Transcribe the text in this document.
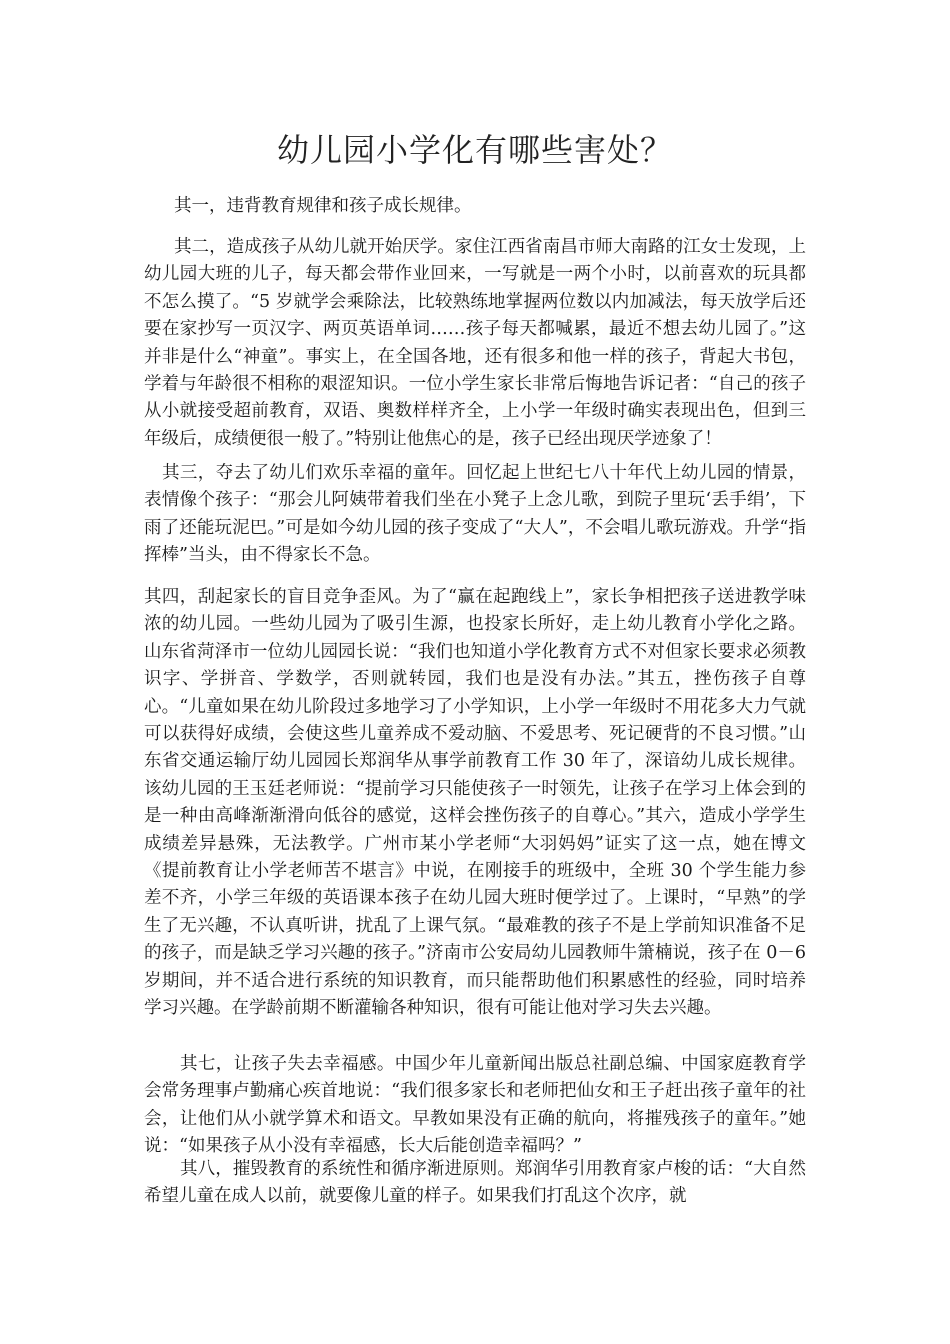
幼儿园小学化有哪些害处？

其一，违背教育规律和孩子成长规律。

其二，造成孩子从幼儿就开始厌学。家住江西省南昌市师大南路的江女士发现，上幼儿园大班的儿子，每天都会带作业回来，一写就是一两个小时，以前喜欢的玩具都不怎么摸了。“5 岁就学会乘除法，比较熟练地掌握两位数以内加减法，每天放学后还要在家抄写一页汉字、两页英语单词……孩子每天都喊累，最近不想去幼儿园了。”这并非是什么“神童”。事实上，在全国各地，还有很多和他一样的孩子，背起大书包，学着与年龄很不相称的艰涩知识。一位小学生家长非常后悔地告诉记者：“自己的孩子从小就接受超前教育，双语、奥数样样齐全，上小学一年级时确实表现出色，但到三年级后，成绩便很一般了。”特别让他焦心的是，孩子已经出现厌学迹象了！

其三，夺去了幼儿们欢乐幸福的童年。回忆起上世纪七八十年代上幼儿园的情景，表情像个孩子：“那会儿阿姨带着我们坐在小凳子上念儿歌，到院子里玩‘丢手绢’，下雨了还能玩泥巴。”可是如今幼儿园的孩子变成了“大人”，不会唱儿歌玩游戏。升学“指挥棒”当头，由不得家长不急。

其四，刮起家长的盲目竞争歪风。为了“赢在起跑线上”，家长争相把孩子送进教学味浓的幼儿园。一些幼儿园为了吸引生源，也投家长所好，走上幼儿教育小学化之路。山东省菏泽市一位幼儿园园长说：“我们也知道小学化教育方式不对但家长要求必须教识字、学拼音、学数学，否则就转园，我们也是没有办法。”其五，挫伤孩子自尊心。“儿童如果在幼儿阶段过多地学习了小学知识，上小学一年级时不用花多大力气就可以获得好成绩，会使这些儿童养成不爱动脑、不爱思考、死记硬背的不良习惯。”山东省交通运输厅幼儿园园长郑润华从事学前教育工作 30 年了，深谙幼儿成长规律。该幼儿园的王玉廷老师说：“提前学习只能使孩子一时领先，让孩子在学习上体会到的是一种由高峰渐渐滑向低谷的感觉，这样会挫伤孩子的自尊心。”其六，造成小学学生成绩差异悬殊，无法教学。广州市某小学老师“大羽妈妈”证实了这一点，她在博文《提前教育让小学老师苦不堪言》中说，在刚接手的班级中，全班 30 个学生能力参差不齐，小学三年级的英语课本孩子在幼儿园大班时便学过了。上课时，“早熟”的学生了无兴趣，不认真听讲，扰乱了上课气氛。“最难教的孩子不是上学前知识准备不足的孩子，而是缺乏学习兴趣的孩子。”济南市公安局幼儿园教师牛箫楠说，孩子在 0－6 岁期间，并不适合进行系统的知识教育，而只能帮助他们积累感性的经验，同时培养学习兴趣。在学龄前期不断灌输各种知识，很有可能让他对学习失去兴趣。

其七，让孩子失去幸福感。中国少年儿童新闻出版总社副总编、中国家庭教育学会常务理事卢勤痛心疾首地说：“我们很多家长和老师把仙女和王子赶出孩子童年的社会，让他们从小就学算术和语文。早教如果没有正确的航向，将摧残孩子的童年。”她说：“如果孩子从小没有幸福感，长大后能创造幸福吗？”

其八，摧毁教育的系统性和循序渐进原则。郑润华引用教育家卢梭的话：“大自然希望儿童在成人以前，就要像儿童的样子。如果我们打乱这个次序，就
